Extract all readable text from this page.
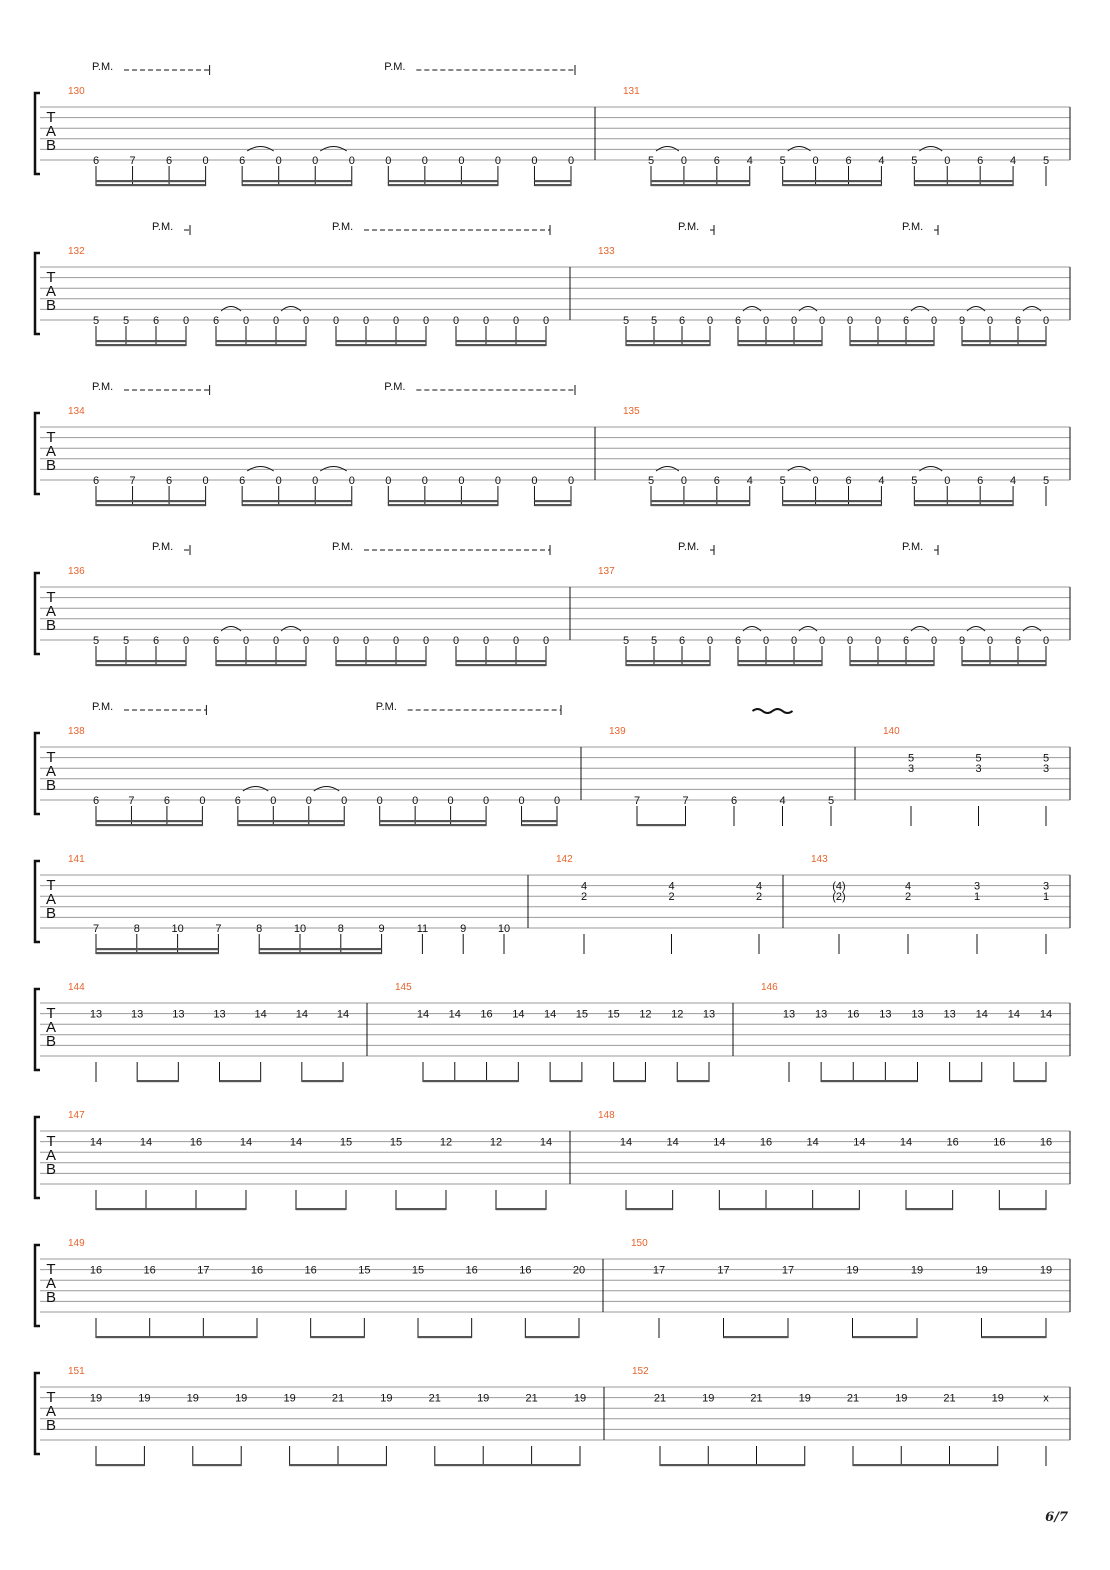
T
A
B
130
6	7	6	0	6	0	0	0	0	0	0	0	0	0
P.M.	P.M.
131
5 0 6 4 5 0 6 4 5 0 6 4 5
T
A
B
132
5 5 6 0 6 0 0 0 0 0 0 0 0 0 0 0
P.M.	P.M.
133
5 5 6 0 6 0 0 0 0 0 6 0 9 0 6 0
P.M.	P.M.
T
A
B
134
6	7	6	0	6	0	0	0	0	0	0	0	0	0
P.M.	P.M.
135
5 0 6 4 5 0 6 4 5 0 6 4 5
T
A
B
136
5 5 6 0 6 0 0 0 0 0 0 0 0 0 0 0
P.M.	P.M.
137
5 5 6 0 6 0 0 0 0 0 6 0 9 0 6 0
P.M.	P.M.
T
A
B
138
6	7	6	0	6	0	0	0	0	0	0	0	0	0
P.M.	P.M.
139
7	7	6	4	5
140
5
3
5
3
5
3
T
A
B
141
7	8	10	7	8	10	8	9	11	9	10
142
4
2
4
2
4
2
143
(4)
(2)
4
2
3
1
3
1
T
A
B
144
13	13	13	13	14	14	14
145
14 14 16 14 14 15 15 12 12 13
146
13 13 16 13 13 13 14 14 14
T
A
B
147
14	14	16	14	14	15	15	12	12	14
148
14	14	14	16	14	14	14	16	16	16
T
A
B
149
16	16	17	16	16	15	15	16	16	20
150
17	17	17	19	19	19	19
T
A
B
151
19	19	19	19	19	21	19	21	19	21	19
152
21	19	21	19	21	19	21	19	x
6/7
